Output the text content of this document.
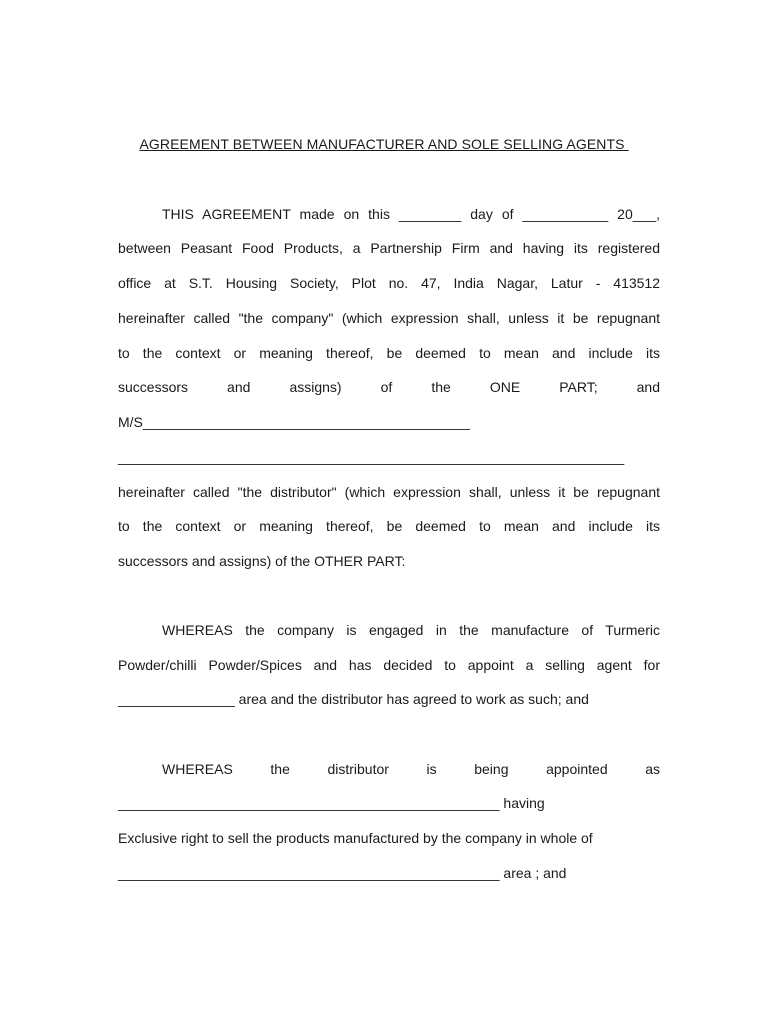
AGREEMENT BETWEEN MANUFACTURER AND SOLE SELLING AGENTS
THIS AGREEMENT made on this ________ day of ___________ 20___,
between Peasant Food Products, a Partnership Firm and having its registered
office at S.T. Housing Society, Plot no. 47, India Nagar, Latur - 413512
hereinafter called "the company" (which expression shall, unless it be repugnant
to the context or meaning thereof, be deemed to mean and include its
successors and assigns) of the ONE PART; and
M/S__________________________________________
_________________________________________________________________
hereinafter called "the distributor" (which expression shall, unless it be repugnant
to the context or meaning thereof, be deemed to mean and include its
successors and assigns) of the OTHER PART:
WHEREAS the company is engaged in the manufacture of Turmeric
Powder/chilli Powder/Spices and has decided to appoint a selling agent for
_______________ area and the distributor has agreed to work as such; and
WHEREAS the distributor is being appointed as
_________________________________________________ having
Exclusive right to sell the products manufactured by the company in whole of
_________________________________________________ area ; and
